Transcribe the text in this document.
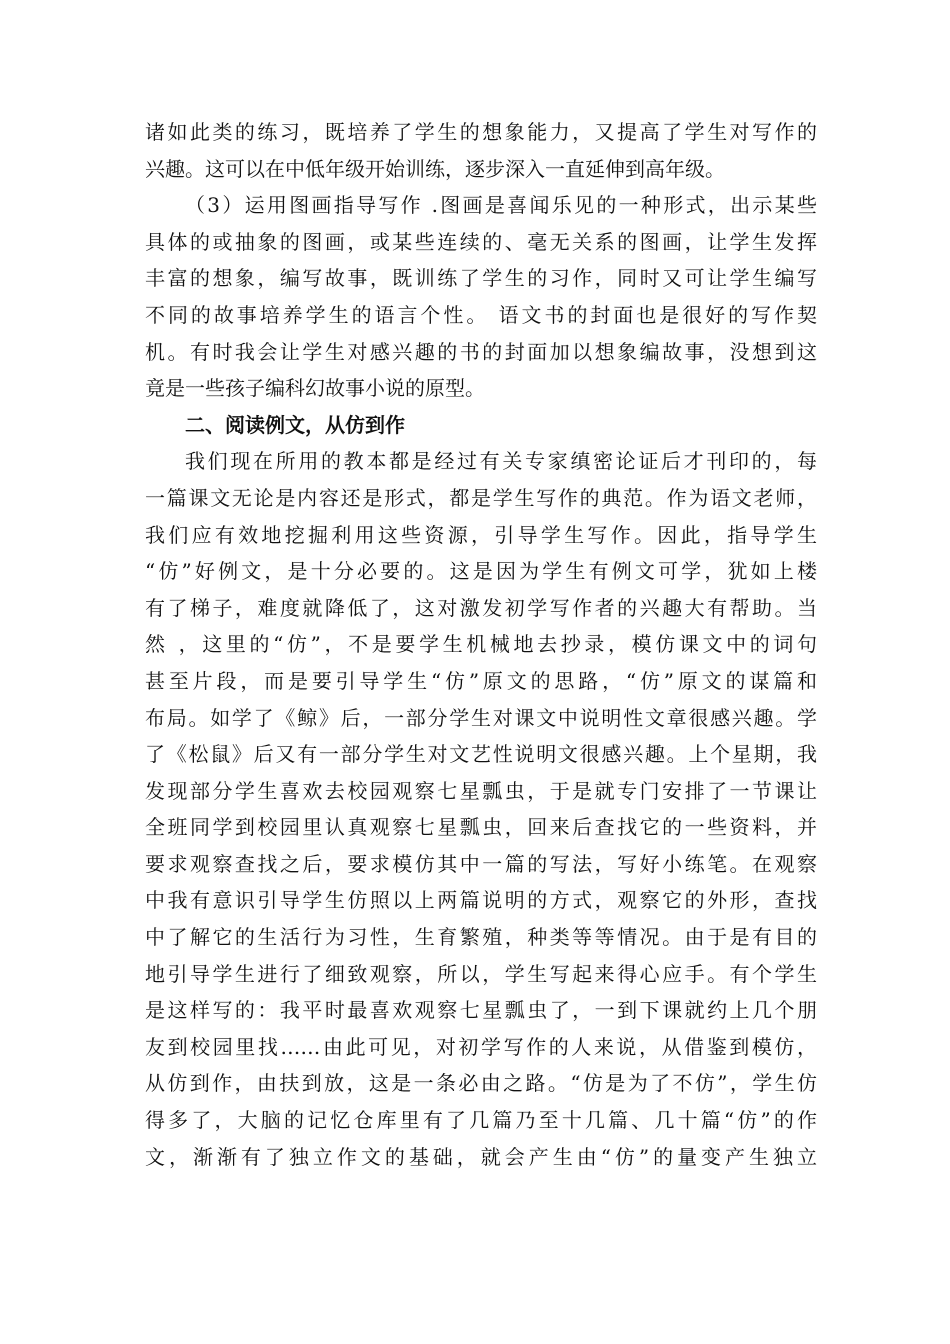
诸如此类的练习，既培养了学生的想象能力，又提高了学生对写作的
兴趣。这可以在中低年级开始训练，逐步深入一直延伸到高年级。
（3）运用图画指导写作 .图画是喜闻乐见的一种形式，出示某些
具体的或抽象的图画，或某些连续的、毫无关系的图画，让学生发挥
丰富的想象，编写故事，既训练了学生的习作，同时又可让学生编写
不同的故事培养学生的语言个性。 语文书的封面也是很好的写作契
机。有时我会让学生对感兴趣的书的封面加以想象编故事，没想到这
竟是一些孩子编科幻故事小说的原型。
二、阅读例文，从仿到作
我们现在所用的教本都是经过有关专家缜密论证后才刊印的，每
一篇课文无论是内容还是形式，都是学生写作的典范。作为语文老师，
我们应有效地挖掘利用这些资源，引导学生写作。因此，指导学生
“仿”好例文，是十分必要的。这是因为学生有例文可学，犹如上楼
有了梯子，难度就降低了，这对激发初学写作者的兴趣大有帮助。当
然 ，这里的“仿”，不是要学生机械地去抄录，模仿课文中的词句
甚至片段，而是要引导学生“仿”原文的思路，“仿”原文的谋篇和
布局。如学了《鲸》后，一部分学生对课文中说明性文章很感兴趣。学
了《松鼠》后又有一部分学生对文艺性说明文很感兴趣。上个星期，我
发现部分学生喜欢去校园观察七星瓢虫，于是就专门安排了一节课让
全班同学到校园里认真观察七星瓢虫，回来后查找它的一些资料，并
要求观察查找之后，要求模仿其中一篇的写法，写好小练笔。在观察
中我有意识引导学生仿照以上两篇说明的方式，观察它的外形，查找
中了解它的生活行为习性，生育繁殖，种类等等情况。由于是有目的
地引导学生进行了细致观察，所以，学生写起来得心应手。有个学生
是这样写的：我平时最喜欢观察七星瓢虫了，一到下课就约上几个朋
友到校园里找……由此可见，对初学写作的人来说，从借鉴到模仿，
从仿到作，由扶到放，这是一条必由之路。“仿是为了不仿”，学生仿
得多了，大脑的记忆仓库里有了几篇乃至十几篇、几十篇“仿”的作
文，渐渐有了独立作文的基础，就会产生由“仿”的量变产生独立
